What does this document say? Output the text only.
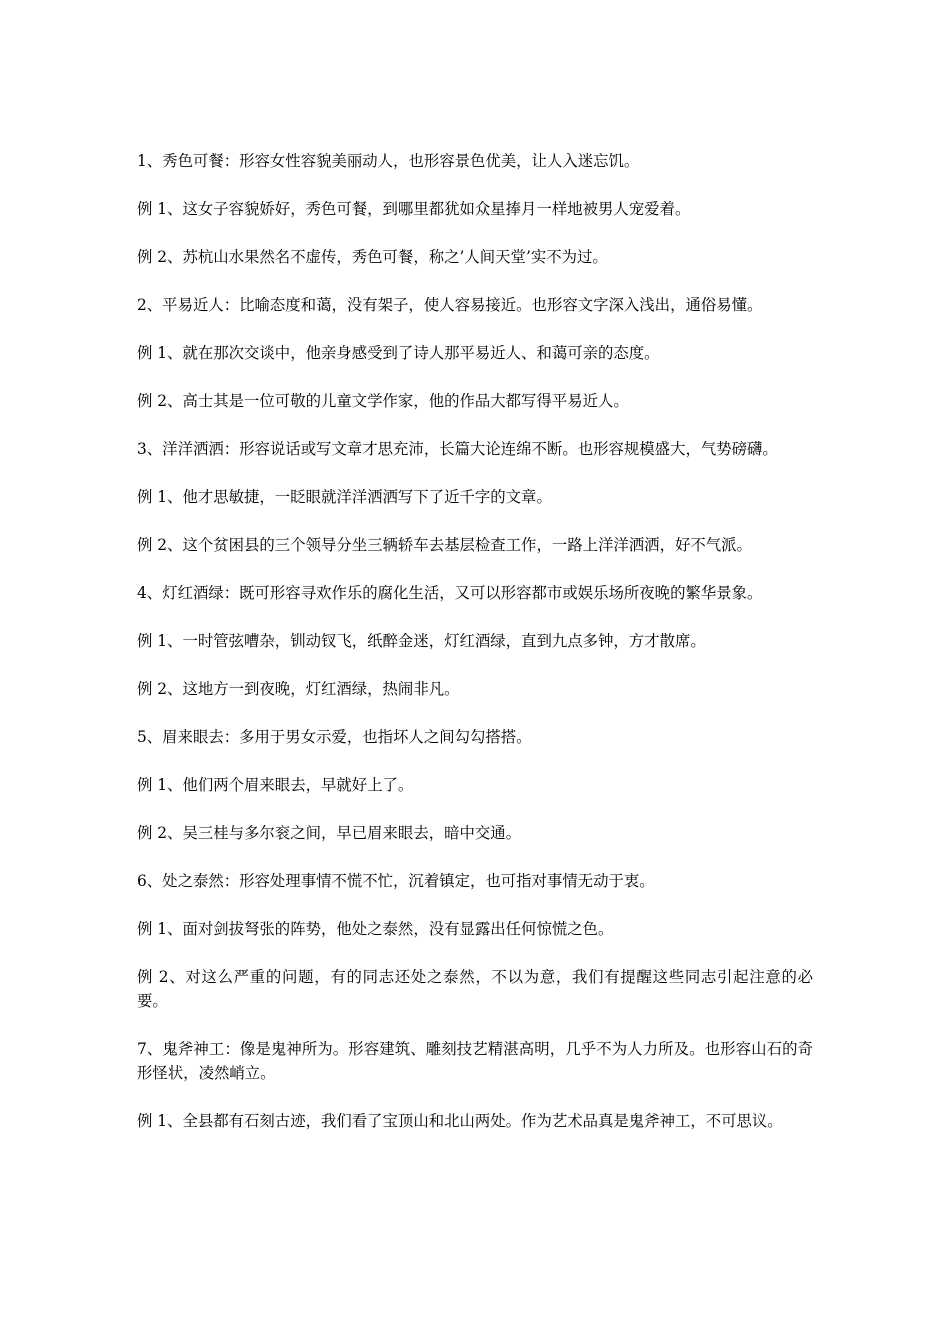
1、秀色可餐：形容女性容貌美丽动人，也形容景色优美，让人入迷忘饥。

例 1、这女子容貌娇好，秀色可餐，到哪里都犹如众星捧月一样地被男人宠爱着。

例 2、苏杭山水果然名不虚传，秀色可餐，称之’人间天堂’实不为过。

2、平易近人：比喻态度和蔼，没有架子，使人容易接近。也形容文字深入浅出，通俗易懂。

例 1、就在那次交谈中，他亲身感受到了诗人那平易近人、和蔼可亲的态度。

例 2、高士其是一位可敬的儿童文学作家，他的作品大都写得平易近人。

3、洋洋洒洒：形容说话或写文章才思充沛，长篇大论连绵不断。也形容规模盛大，气势磅礴。

例 1、他才思敏捷，一眨眼就洋洋洒洒写下了近千字的文章。

例 2、这个贫困县的三个领导分坐三辆轿车去基层检查工作，一路上洋洋洒洒，好不气派。

4、灯红酒绿：既可形容寻欢作乐的腐化生活，又可以形容都市或娱乐场所夜晚的繁华景象。

例 1、一时管弦嘈杂，钏动钗飞，纸醉金迷，灯红酒绿，直到九点多钟，方才散席。

例 2、这地方一到夜晚，灯红酒绿，热闹非凡。

5、眉来眼去：多用于男女示爱，也指坏人之间勾勾搭搭。

例 1、他们两个眉来眼去，早就好上了。

例 2、吴三桂与多尔衮之间，早已眉来眼去，暗中交通。

6、处之泰然：形容处理事情不慌不忙，沉着镇定，也可指对事情无动于衷。

例 1、面对剑拔弩张的阵势，他处之泰然，没有显露出任何惊慌之色。

例 2、对这么严重的问题，有的同志还处之泰然，不以为意，我们有提醒这些同志引起注意的必要。

7、鬼斧神工：像是鬼神所为。形容建筑、雕刻技艺精湛高明，几乎不为人力所及。也形容山石的奇形怪状，凌然峭立。

例 1、全县都有石刻古迹，我们看了宝顶山和北山两处。作为艺术品真是鬼斧神工，不可思议。
